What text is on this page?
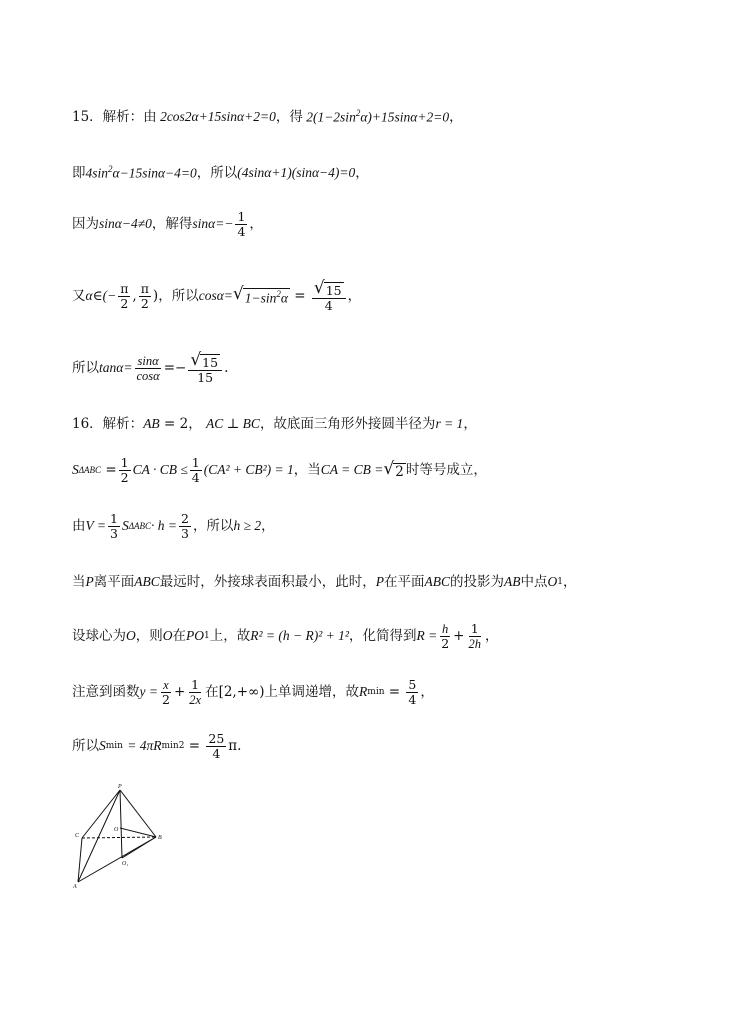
15．解析：由 2cos2α+15sinα+2=0 ，得 $2(1-2\sin^2\alpha)+15\sin\alpha+2=0$ ，
即 $4\sin^2\alpha-15\sin\alpha-4=0$ ，所以 (4sinα+1)(sinα−4)=0 ，
因为 sinα−4≠0 ，解得 $\sin\alpha=- \frac{1}{4}$ ，
又 α∈(− $\frac{\pi}{2}$ , $\frac{\pi}{2}$ ) ，所以 cosα= √ $1-\sin^2\alpha = \frac{√ 15}{4}$ ，
所以 $\tan\alpha= \frac{\sin\alpha}{\cos\alpha} =- \frac{√ 15}{15}$ .
16．解析： AB
= 2 ， AC ⊥ BC ，故底面三角形外接圆半径为 r = 1 ，
S ΔABC
= $\frac{1}{2}$ CA · CB ≤ $\frac{1}{4} (CA^2 + CB^2) = 1$ ，当 CA = CB = √ 2 时等号成立，
由 $V = \frac{1}{3}$ S $\Delta ABC \cdot h = \frac{2}{3}$ ，所以 h ≥ 2 ，
当 P 离平面 ABC 最远时，外接球表面积最小，此时， P 在平面 ABC 的投影为 AB 中点 O 1 ，
设球心为 O ，则 O 在 PO 1 上，故 R² = (h − R)² + 1² ，化简得到 $R = \frac{h}{2} + \frac{1}{2h}$ ，
注意到函数 $y = \frac{x}{2} + \frac{1}{2x}$ 在 [2,+∞) 上单调递增，故 R $\min = \frac{5}{4}$ ，
所以 S min
= 4πR $\min 2 = \frac{25}{4} \pi$.
P
C
O
B
O₁
A
